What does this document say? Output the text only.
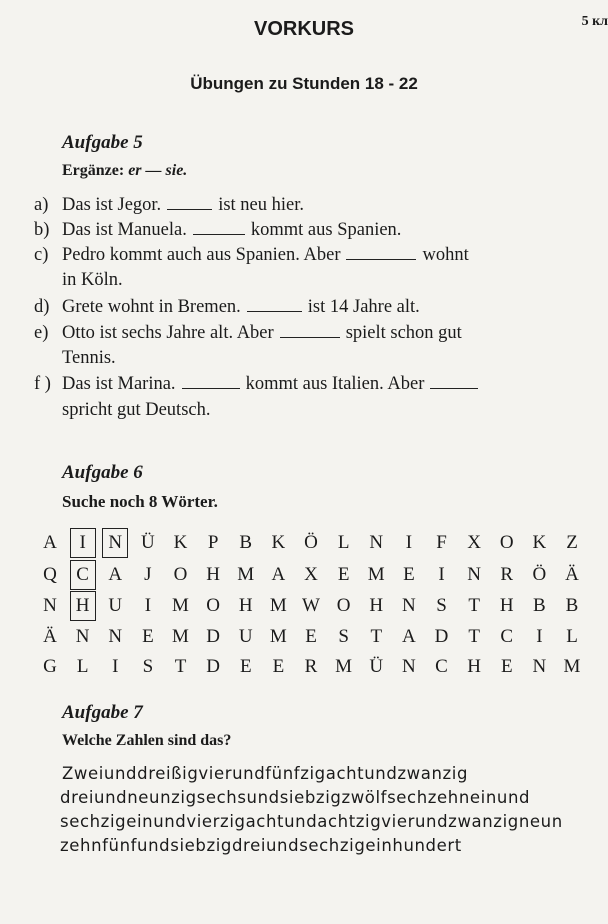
VORKURS	5 кл
Übungen zu Stunden 18 - 22
Aufgabe 5
Ergänze: er — sie.
a) Das ist Jegor.	ist neu hier.
b) Das ist Manuela.	kommt aus Spanien.
c) Pedro kommt auch aus Spanien. Aber	wohnt
in Köln.
d) Grete wohnt in Bremen.	ist 14 Jahre alt.
e) Otto ist sechs Jahre alt. Aber	spielt schon gut
Tennis.
f ) Das ist Marina.	kommt aus Italien. Aber
spricht gut Deutsch.
Aufgabe 6
Suche noch 8 Wörter.
A	I	N Ü K	P	B	K Ö	L	N	I	F	X O K	Z
Q	C	A	J	O H M A X	E M E	I	N	R	Ö Ä
N H U	I	M O H M W O H N	S	T	H	B	B
Ä N N	E M D U M E	S	T	A D	T	C	I	L
G	L	I	S	T	D	E	E	R M Ü N	C	H	E	N M
Aufgabe 7
Welche Zahlen sind das?
Zweiunddreißigvierundfünfzigachtundzwanzig
dreiundneunzigsechsundsiebzigzwölfsechzehneinund
sechzigeinundvierzigachtundachtzigvierundzwanzigneun
zehnfünfundsiebzigdreiundsechzigeinhundert
